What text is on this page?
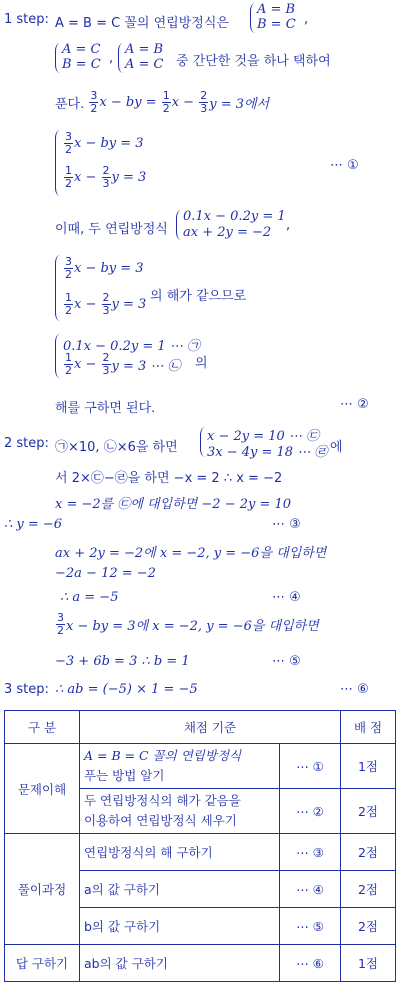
1 step: A = B = C 꼴의 연립방정식은
A = B
B = C ,
A = C
B = C ,
A = B
A = C 중 간단한 것을 하나 택하여
푼다.
$\frac{3}{2}$ x − by =
$\frac{1}{2}$ x −
$\frac{2}{3}$ y = 3에서
$\frac{3}{2}$ x − by = 3
$\frac{1}{2}$ x −
$\frac{2}{3}$ y = 3
⋯ ①
이때, 두 연립방정식
0.1x − 0.2y = 1
ax + 2y = −2 ,
$\frac{3}{2}$ x − by = 3
$\frac{1}{2}$ x −
$\frac{2}{3}$ y = 3
의 해가 같으므로
0.1x − 0.2y = 1 ⋯ ㉠
$\frac{1}{2}$ x −
$\frac{2}{3}$ y = 3 ⋯ ㉡ 의
해를 구하면 된다.	⋯ ②
2 step: ㉠×10, ㉡×6을 하면
x − 2y = 10 ⋯ ㉢
3x − 4y = 18 ⋯ ㉣ 에
서 2×㉢−㉣을 하면 −x = 2 ∴ x = −2
x = −2를 ㉢에 대입하면 −2 − 2y = 10
∴ y = −6	⋯ ③
ax + 2y = −2에 x = −2, y = −6을 대입하면
−2a − 12 = −2
∴ a = −5	⋯ ④
$\frac{3}{2}$ x − by = 3에 x = −2, y = −6을 대입하면
−3 + 6b = 3 ∴ b = 1	⋯ ⑤
3 step: ∴ ab = (−5) × 1 = −5	⋯ ⑥
구 분	채점 기준		배 점
문제이해	A = B = C 꼴의 연립방정식
푸는 방법 알기	⋯ ①	1점
	두 연립방정식의 해가 같음을
이용하여 연립방정식 세우기	⋯ ②	2점
풀이과정	연립방정식의 해 구하기	⋯ ③	2점
	a의 값 구하기	⋯ ④	2점
	b의 값 구하기	⋯ ⑤	2점
답 구하기	ab의 값 구하기	⋯ ⑥	1점
